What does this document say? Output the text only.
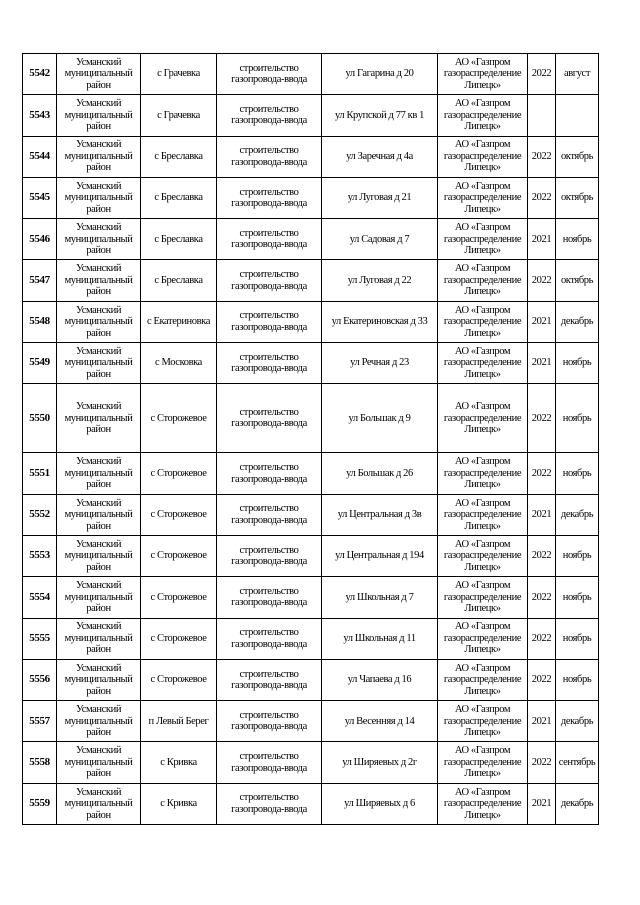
5542	Усманский муниципальный район	с Грачевка	строительство газопровода-ввода	ул Гагарина д 20	АО «Газпром газораспределение Липецк»	2022	август
5543	Усманский муниципальный район	с Грачевка	строительство газопровода-ввода	ул Крупской д 77 кв 1	АО «Газпром газораспределение Липецк»		
5544	Усманский муниципальный район	с Бреславка	строительство газопровода-ввода	ул Заречная д 4а	АО «Газпром газораспределение Липецк»	2022	октябрь
5545	Усманский муниципальный район	с Бреславка	строительство газопровода-ввода	ул Луговая д 21	АО «Газпром газораспределение Липецк»	2022	октябрь
5546	Усманский муниципальный район	с Бреславка	строительство газопровода-ввода	ул Садовая д 7	АО «Газпром газораспределение Липецк»	2021	ноябрь
5547	Усманский муниципальный район	с Бреславка	строительство газопровода-ввода	ул Луговая д 22	АО «Газпром газораспределение Липецк»	2022	октябрь
5548	Усманский муниципальный район	с Екатериновка	строительство газопровода-ввода	ул Екатериновская д 33	АО «Газпром газораспределение Липецк»	2021	декабрь
5549	Усманский муниципальный район	с Московка	строительство газопровода-ввода	ул Речная д 23	АО «Газпром газораспределение Липецк»	2021	ноябрь
5550	Усманский муниципальный район	с Сторожевое	строительство газопровода-ввода	ул Большак д 9	АО «Газпром газораспределение Липецк»	2022	ноябрь
5551	Усманский муниципальный район	с Сторожевое	строительство газопровода-ввода	ул Большак д 26	АО «Газпром газораспределение Липецк»	2022	ноябрь
5552	Усманский муниципальный район	с Сторожевое	строительство газопровода-ввода	ул Центральная д 3в	АО «Газпром газораспределение Липецк»	2021	декабрь
5553	Усманский муниципальный район	с Сторожевое	строительство газопровода-ввода	ул Центральная д 194	АО «Газпром газораспределение Липецк»	2022	ноябрь
5554	Усманский муниципальный район	с Сторожевое	строительство газопровода-ввода	ул Школьная д 7	АО «Газпром газораспределение Липецк»	2022	ноябрь
5555	Усманский муниципальный район	с Сторожевое	строительство газопровода-ввода	ул Школьная д 11	АО «Газпром газораспределение Липецк»	2022	ноябрь
5556	Усманский муниципальный район	с Сторожевое	строительство газопровода-ввода	ул Чапаева д 16	АО «Газпром газораспределение Липецк»	2022	ноябрь
5557	Усманский муниципальный район	п Левый Берег	строительство газопровода-ввода	ул Весенняя д 14	АО «Газпром газораспределение Липецк»	2021	декабрь
5558	Усманский муниципальный район	с Кривка	строительство газопровода-ввода	ул Ширяевых д 2г	АО «Газпром газораспределение Липецк»	2022	сентябрь
5559	Усманский муниципальный район	с Кривка	строительство газопровода-ввода	ул Ширяевых д 6	АО «Газпром газораспределение Липецк»	2021	декабрь
